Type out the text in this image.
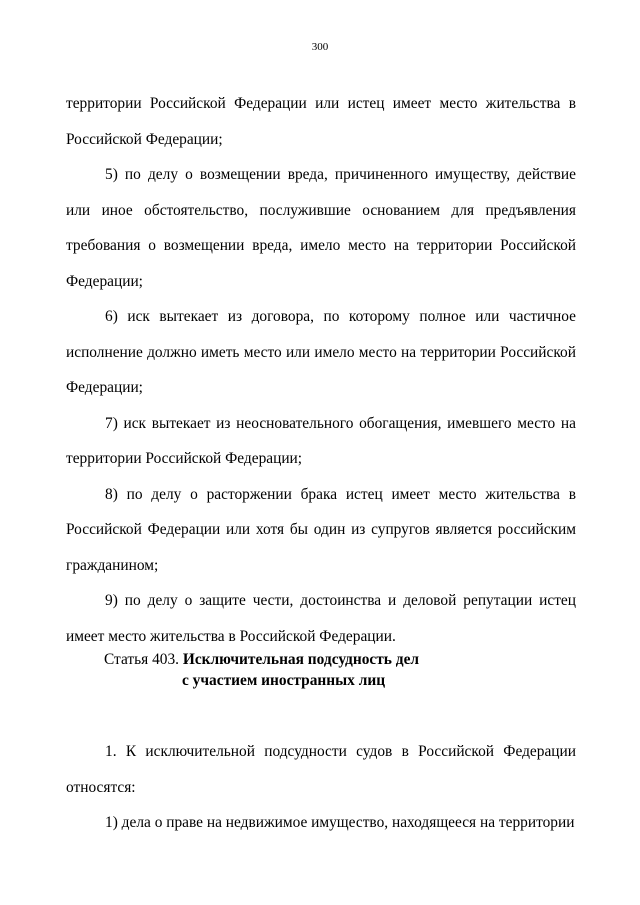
300

территории Российской Федерации или истец имеет место жительства в Российской Федерации;

5) по делу о возмещении вреда, причиненного имуществу, действие или иное обстоятельство, послужившие основанием для предъявления требования о возмещении вреда, имело место на территории Российской Федерации;

6) иск вытекает из договора, по которому полное или частичное исполнение должно иметь место или имело место на территории Российской Федерации;

7) иск вытекает из неосновательного обогащения, имевшего место на территории Российской Федерации;

8) по делу о расторжении брака истец имеет место жительства в Российской Федерации или хотя бы один из супругов является российским гражданином;

9) по делу о защите чести, достоинства и деловой репутации истец имеет место жительства в Российской Федерации.

Статья 403. Исключительная подсудность дел
с участием иностранных лиц

1. К исключительной подсудности судов в Российской Федерации относятся:

1) дела о праве на недвижимое имущество, находящееся на территории
